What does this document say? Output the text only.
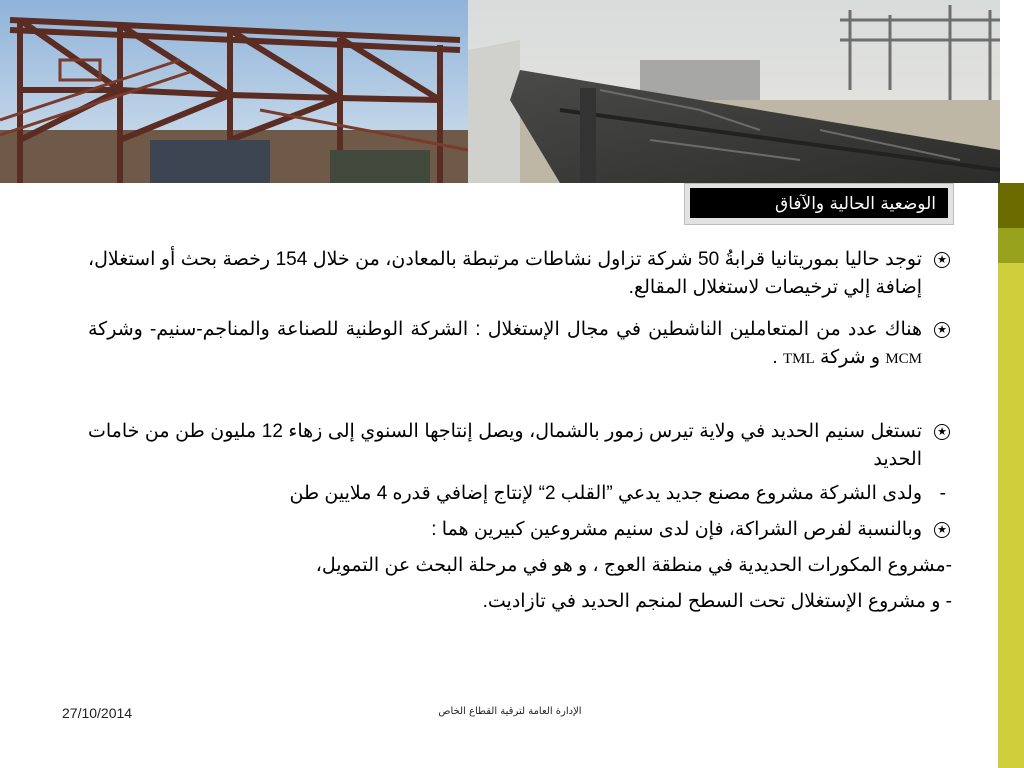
الوضعية الحالية والآفاق
★
توجد حاليا بموريتانيا قرابةُ 50 شركة تزاول نشاطات مرتبطة بالمعادن، من خلال 154 رخصة بحث أو استغلال، إضافة إلي ترخيصات لاستغلال المقالع.
★
هناك عدد من المتعاملين الناشطين في مجال الإستغلال : الشركة الوطنية للصناعة والمناجم-سنيم- وشركة MCM و شركة TML .
★
تستغل سنيم الحديد في ولاية تيرس زمور بالشمال، ويصل إنتاجها السنوي إلى زهاء 12 مليون طن من خامات الحديد
-
ولدى الشركة مشروع مصنع جديد يدعي ”القلب 2“ لإنتاج إضافي قدره 4 ملايين طن
★
وبالنسبة لفرص الشراكة، فإن لدى سنيم مشروعين كبيرين هما :
-مشروع المكورات الحديدية في منطقة العوج ، و هو في مرحلة البحث عن التمويل،
- و مشروع الإستغلال تحت السطح لمنجم الحديد في تازاديت.
27/10/2014	الإدارة العامة لترقية القطاع الخاص
